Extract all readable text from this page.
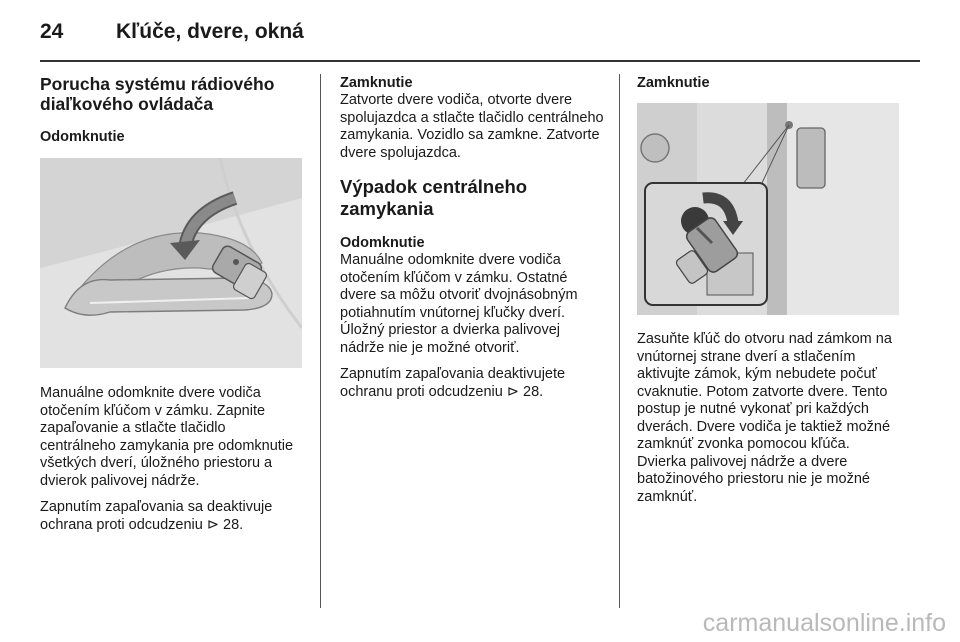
24	Kľúče, dvere, okná
Porucha systému rádiového diaľkového ovládača
Odomknutie

Manuálne odomknite dvere vodiča otočením kľúčom v zámku. Zapnite zapaľovanie a stlačte tlačidlo centrálneho zamykania pre odomknutie všetkých dverí, úložného priestoru a dvierok palivovej nádrže.

Zapnutím zapaľovania sa deaktivuje ochrana proti odcudzeniu ⊳ 28.

Zamknutie

Zatvorte dvere vodiča, otvorte dvere spolujazdca a stlačte tlačidlo centrálneho zamykania. Vozidlo sa zamkne. Zatvorte dvere spolujazdca.

Výpadok centrálneho zamykania
Odomknutie

Manuálne odomknite dvere vodiča otočením kľúčom v zámku. Ostatné dvere sa môžu otvoriť dvojnásobným potiahnutím vnútornej kľučky dverí. Úložný priestor a dvierka palivovej nádrže nie je možné otvoriť.

Zapnutím zapaľovania deaktivujete ochranu proti odcudzeniu ⊳ 28.

Zamknutie

Zasuňte kľúč do otvoru nad zámkom na vnútornej strane dverí a stlačením aktivujte zámok, kým nebudete počuť cvaknutie. Potom zatvorte dvere. Tento postup je nutné vykonať pri každých dverách. Dvere vodiča je taktiež možné zamknúť zvonka pomocou kľúča. Dvierka palivovej nádrže a dvere batožinového priestoru nie je možné zamknúť.

carmanualsonline.info
